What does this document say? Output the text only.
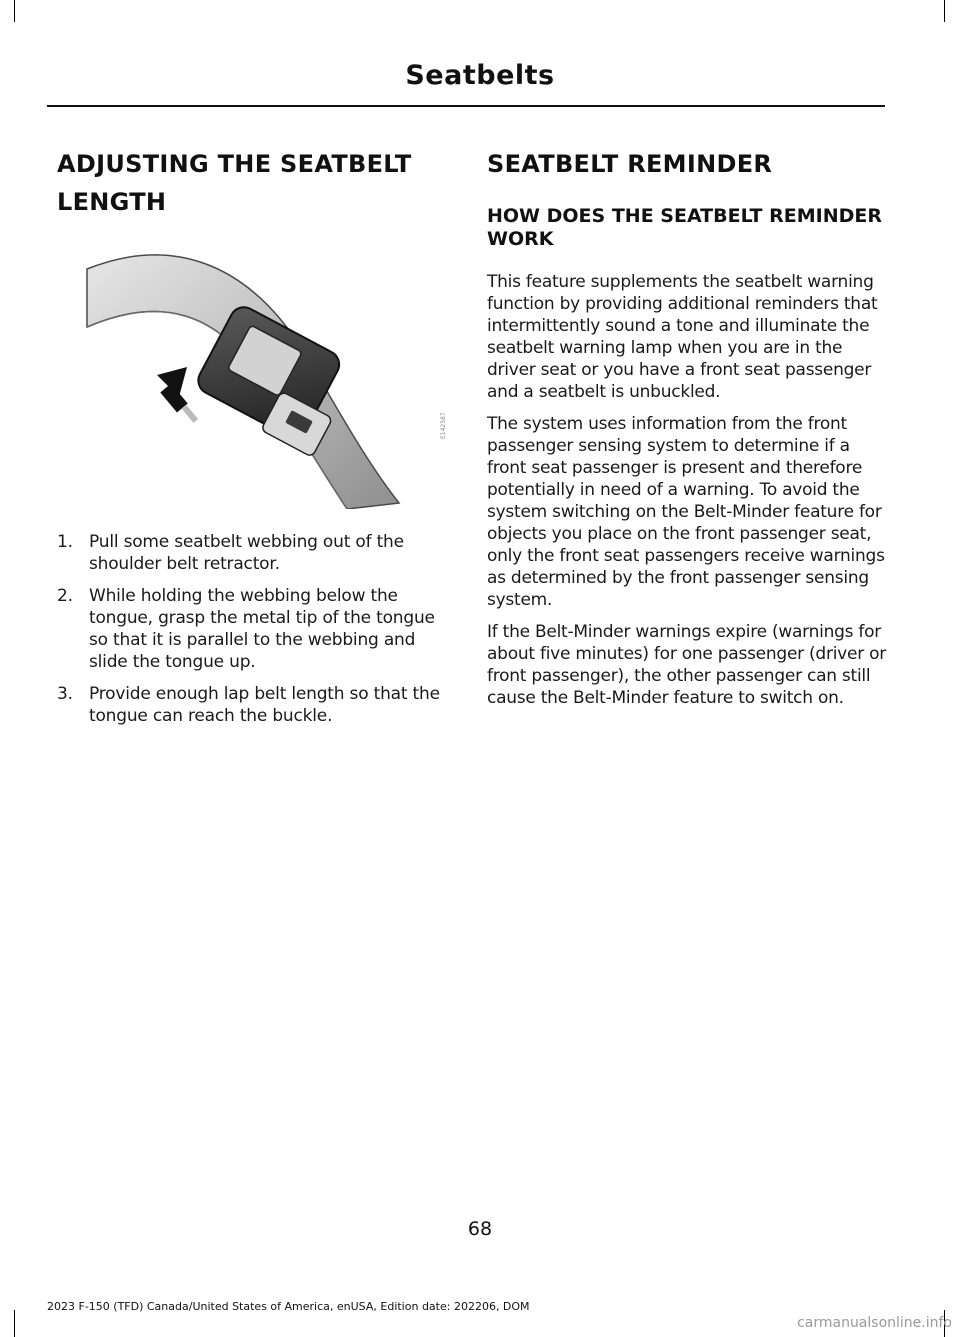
Seatbelts
ADJUSTING THE SEATBELT
LENGTH
E142587
1. Pull some seatbelt webbing out of the shoulder belt retractor.
2. While holding the webbing below the tongue, grasp the metal tip of the tongue so that it is parallel to the webbing and slide the tongue up.
3. Provide enough lap belt length so that the tongue can reach the buckle.
SEATBELT REMINDER
HOW DOES THE SEATBELT REMINDER WORK

This feature supplements the seatbelt warning function by providing additional reminders that intermittently sound a tone and illuminate the seatbelt warning lamp when you are in the driver seat or you have a front seat passenger and a seatbelt is unbuckled.

The system uses information from the front passenger sensing system to determine if a front seat passenger is present and therefore potentially in need of a warning. To avoid the system switching on the Belt-Minder feature for objects you place on the front passenger seat, only the front seat passengers receive warnings as determined by the front passenger sensing system.

If the Belt-Minder warnings expire (warnings for about five minutes) for one passenger (driver or front passenger), the other passenger can still cause the Belt-Minder feature to switch on.

68
2023 F-150 (TFD) Canada/United States of America, enUSA, Edition date: 202206, DOM
carmanualsonline.info
